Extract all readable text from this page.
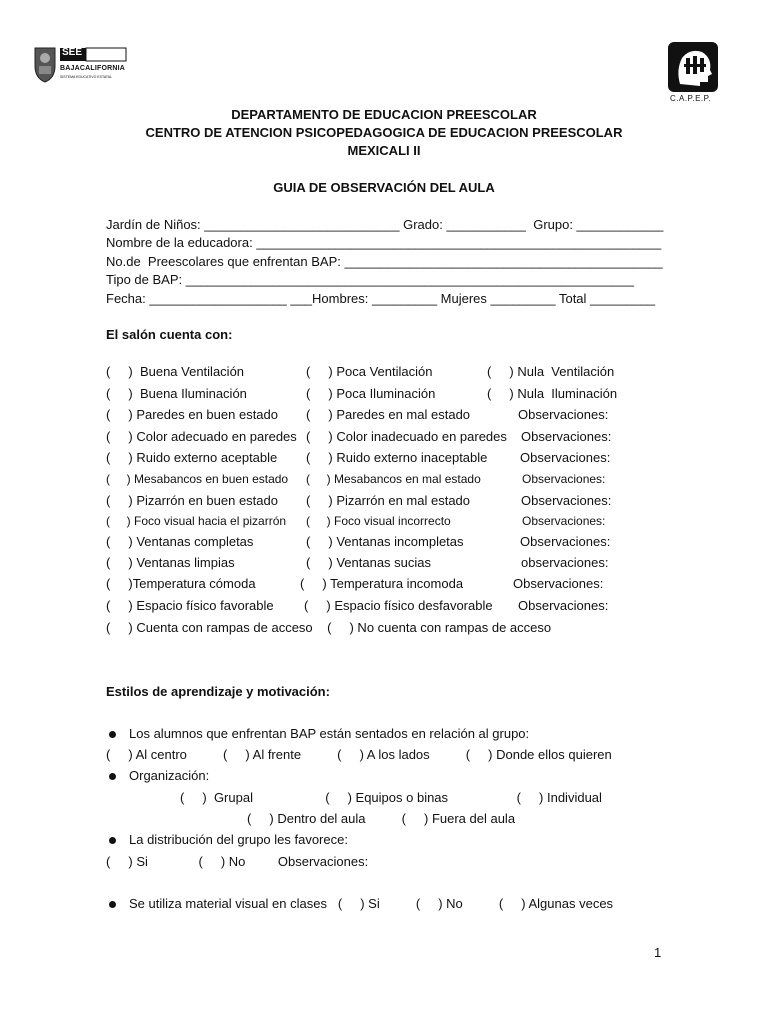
SEE
BAJACALIFORNIA
SISTEMA EDUCATIVO ESTATAL
C.A.P.E.P.
DEPARTAMENTO DE EDUCACION PREESCOLAR
CENTRO DE ATENCION PSICOPEDAGOGICA DE EDUCACION PREESCOLAR
MEXICALI II
GUIA DE OBSERVACIÓN DEL AULA
Jardín de Niños: ___________________________ Grado: ___________  Grupo: ____________
Nombre de la educadora: ________________________________________________________
No.de  Preescolares que enfrentan BAP: ____________________________________________
Tipo de BAP: ______________________________________________________________
Fecha: ___________________ ___Hombres: _________ Mujeres _________ Total _________
El salón cuenta con:
(     )  Buena Ventilación	(     ) Poca Ventilación	(     ) Nula  Ventilación
(     )  Buena Iluminación	(     ) Poca Iluminación	(     ) Nula  Iluminación
(     ) Paredes en buen estado (     ) Paredes en mal estado	Observaciones:
(     ) Color adecuado en paredes (     ) Color inadecuado en paredes Observaciones:
(     ) Ruido externo aceptable (     ) Ruido externo inaceptable	Observaciones:
(     ) Mesabancos en buen estado (     ) Mesabancos en mal estado	Observaciones:
(     ) Pizarrón en buen estado (     ) Pizarrón en mal estado	Observaciones:
(     ) Foco visual hacia el pizarrón (     ) Foco visual incorrecto	Observaciones:
(     ) Ventanas completas	(     ) Ventanas incompletas	Observaciones:
(     ) Ventanas limpias	(     ) Ventanas sucias	observaciones:
(     )Temperatura cómoda	(     ) Temperatura incomoda	Observaciones:
(     ) Espacio físico favorable (     ) Espacio físico desfavorable Observaciones:
(     ) Cuenta con rampas de acceso    (     ) No cuenta con rampas de acceso
Estilos de aprendizaje y motivación:
Los alumnos que enfrentan BAP están sentados en relación al grupo:
(     ) Al centro          (     ) Al frente          (     ) A los lados          (     ) Donde ellos quieren
Organización:
(     )  Grupal                    (     ) Equipos o binas                   (     ) Individual
(     ) Dentro del aula          (     ) Fuera del aula
La distribución del grupo les favorece:
(     ) Si              (     ) No         Observaciones:
Se utiliza material visual en clases   (     ) Si          (     ) No          (     ) Algunas veces
1
